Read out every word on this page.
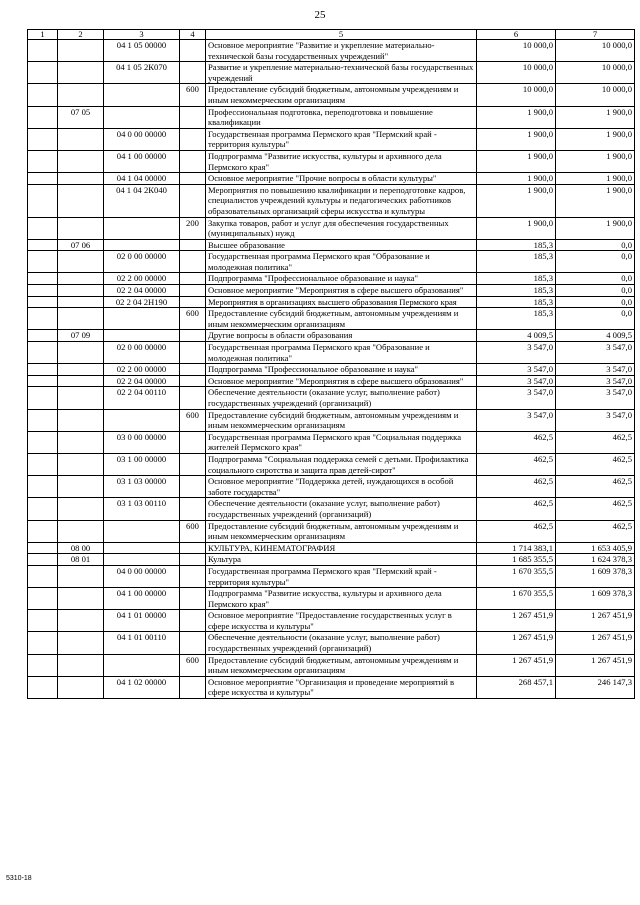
25
1	2	3	4	5	6	7
		04 1 05 00000		Основное мероприятие "Развитие и укрепление материально-технической базы государственных учреждений"	10 000,0	10 000,0
		04 1 05 2К070		Развитие и укрепление материально-технической базы государственных учреждений	10 000,0	10 000,0
			600	Предоставление субсидий бюджетным, автономным учреждениям и иным некоммерческим организациям	10 000,0	10 000,0
	07 05			Профессиональная подготовка, переподготовка и повышение квалификации	1 900,0	1 900,0
		04 0 00 00000		Государственная программа Пермского края "Пермский край - территория культуры"	1 900,0	1 900,0
		04 1 00 00000		Подпрограмма "Развитие искусства, культуры и архивного дела Пермского края"	1 900,0	1 900,0
		04 1 04 00000		Основное мероприятие "Прочие вопросы в области культуры"	1 900,0	1 900,0
		04 1 04 2К040		Мероприятия по повышению квалификации и переподготовке кадров, специалистов учреждений культуры и педагогических работников образовательных организаций сферы искусства и культуры	1 900,0	1 900,0
			200	Закупка товаров, работ и услуг для обеспечения государственных (муниципальных) нужд	1 900,0	1 900,0
	07 06			Высшее образование	185,3	0,0
		02 0 00 00000		Государственная программа Пермского края "Образование и молодежная политика"	185,3	0,0
		02 2 00 00000		Подпрограмма "Профессиональное образование и наука"	185,3	0,0
		02 2 04 00000		Основное мероприятие "Мероприятия в сфере высшего образования"	185,3	0,0
		02 2 04 2Н190		Мероприятия в организациях высшего образования Пермского края	185,3	0,0
			600	Предоставление субсидий бюджетным, автономным учреждениям и иным некоммерческим организациям	185,3	0,0
	07 09			Другие вопросы в области образования	4 009,5	4 009,5
		02 0 00 00000		Государственная программа Пермского края "Образование и молодежная политика"	3 547,0	3 547,0
		02 2 00 00000		Подпрограмма "Профессиональное образование и наука"	3 547,0	3 547,0
		02 2 04 00000		Основное мероприятие "Мероприятия в сфере высшего образования"	3 547,0	3 547,0
		02 2 04 00110		Обеспечение деятельности (оказание услуг, выполнение работ) государственных учреждений (организаций)	3 547,0	3 547,0
			600	Предоставление субсидий бюджетным, автономным учреждениям и иным некоммерческим организациям	3 547,0	3 547,0
		03 0 00 00000		Государственная программа Пермского края "Социальная поддержка жителей Пермского края"	462,5	462,5
		03 1 00 00000		Подпрограмма "Социальная поддержка семей с детьми. Профилактика социального сиротства и защита прав детей-сирот"	462,5	462,5
		03 1 03 00000		Основное мероприятие "Поддержка детей, нуждающихся в особой заботе государства"	462,5	462,5
		03 1 03 00110		Обеспечение деятельности (оказание услуг, выполнение работ) государственных учреждений (организаций)	462,5	462,5
			600	Предоставление субсидий бюджетным, автономным учреждениям и иным некоммерческим организациям	462,5	462,5
	08 00			КУЛЬТУРА, КИНЕМАТОГРАФИЯ	1 714 383,1	1 653 405,9
	08 01			Культура	1 685 355,5	1 624 378,3
		04 0 00 00000		Государственная программа Пермского края "Пермский край - территория культуры"	1 670 355,5	1 609 378,3
		04 1 00 00000		Подпрограмма "Развитие искусства, культуры и архивного дела Пермского края"	1 670 355,5	1 609 378,3
		04 1 01 00000		Основное мероприятие "Предоставление государственных услуг в сфере искусства и культуры"	1 267 451,9	1 267 451,9
		04 1 01 00110		Обеспечение деятельности (оказание услуг, выполнение работ) государственных учреждений (организаций)	1 267 451,9	1 267 451,9
			600	Предоставление субсидий бюджетным, автономным учреждениям и иным некоммерческим организациям	1 267 451,9	1 267 451,9
		04 1 02 00000		Основное мероприятие "Организация и проведение мероприятий в сфере искусства и культуры"	268 457,1	246 147,3
5310-18
